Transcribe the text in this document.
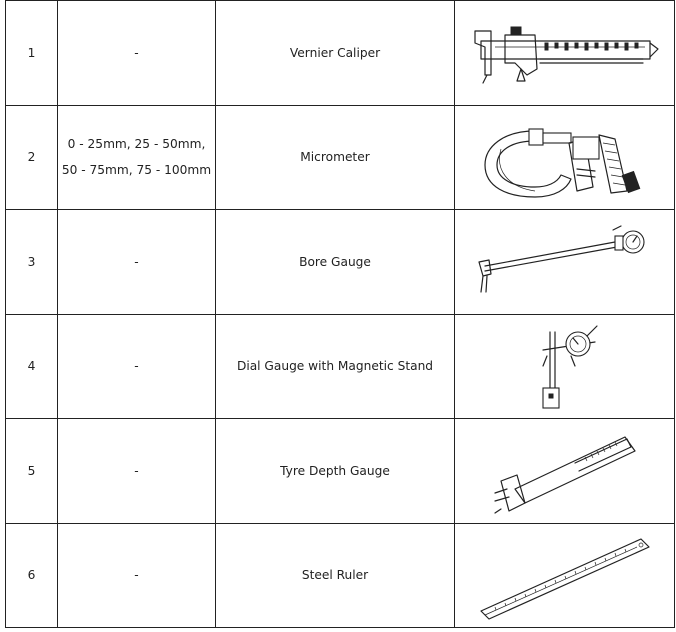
1	-	Vernier Caliper	

2	0 - 25mm, 25 - 50mm,
50 - 75mm, 75 - 100mm	Micrometer	

3	-	Bore Gauge	

4	-	Dial Gauge with Magnetic Stand	

5	-	Tyre Depth Gauge	

6	-	Steel Ruler	
